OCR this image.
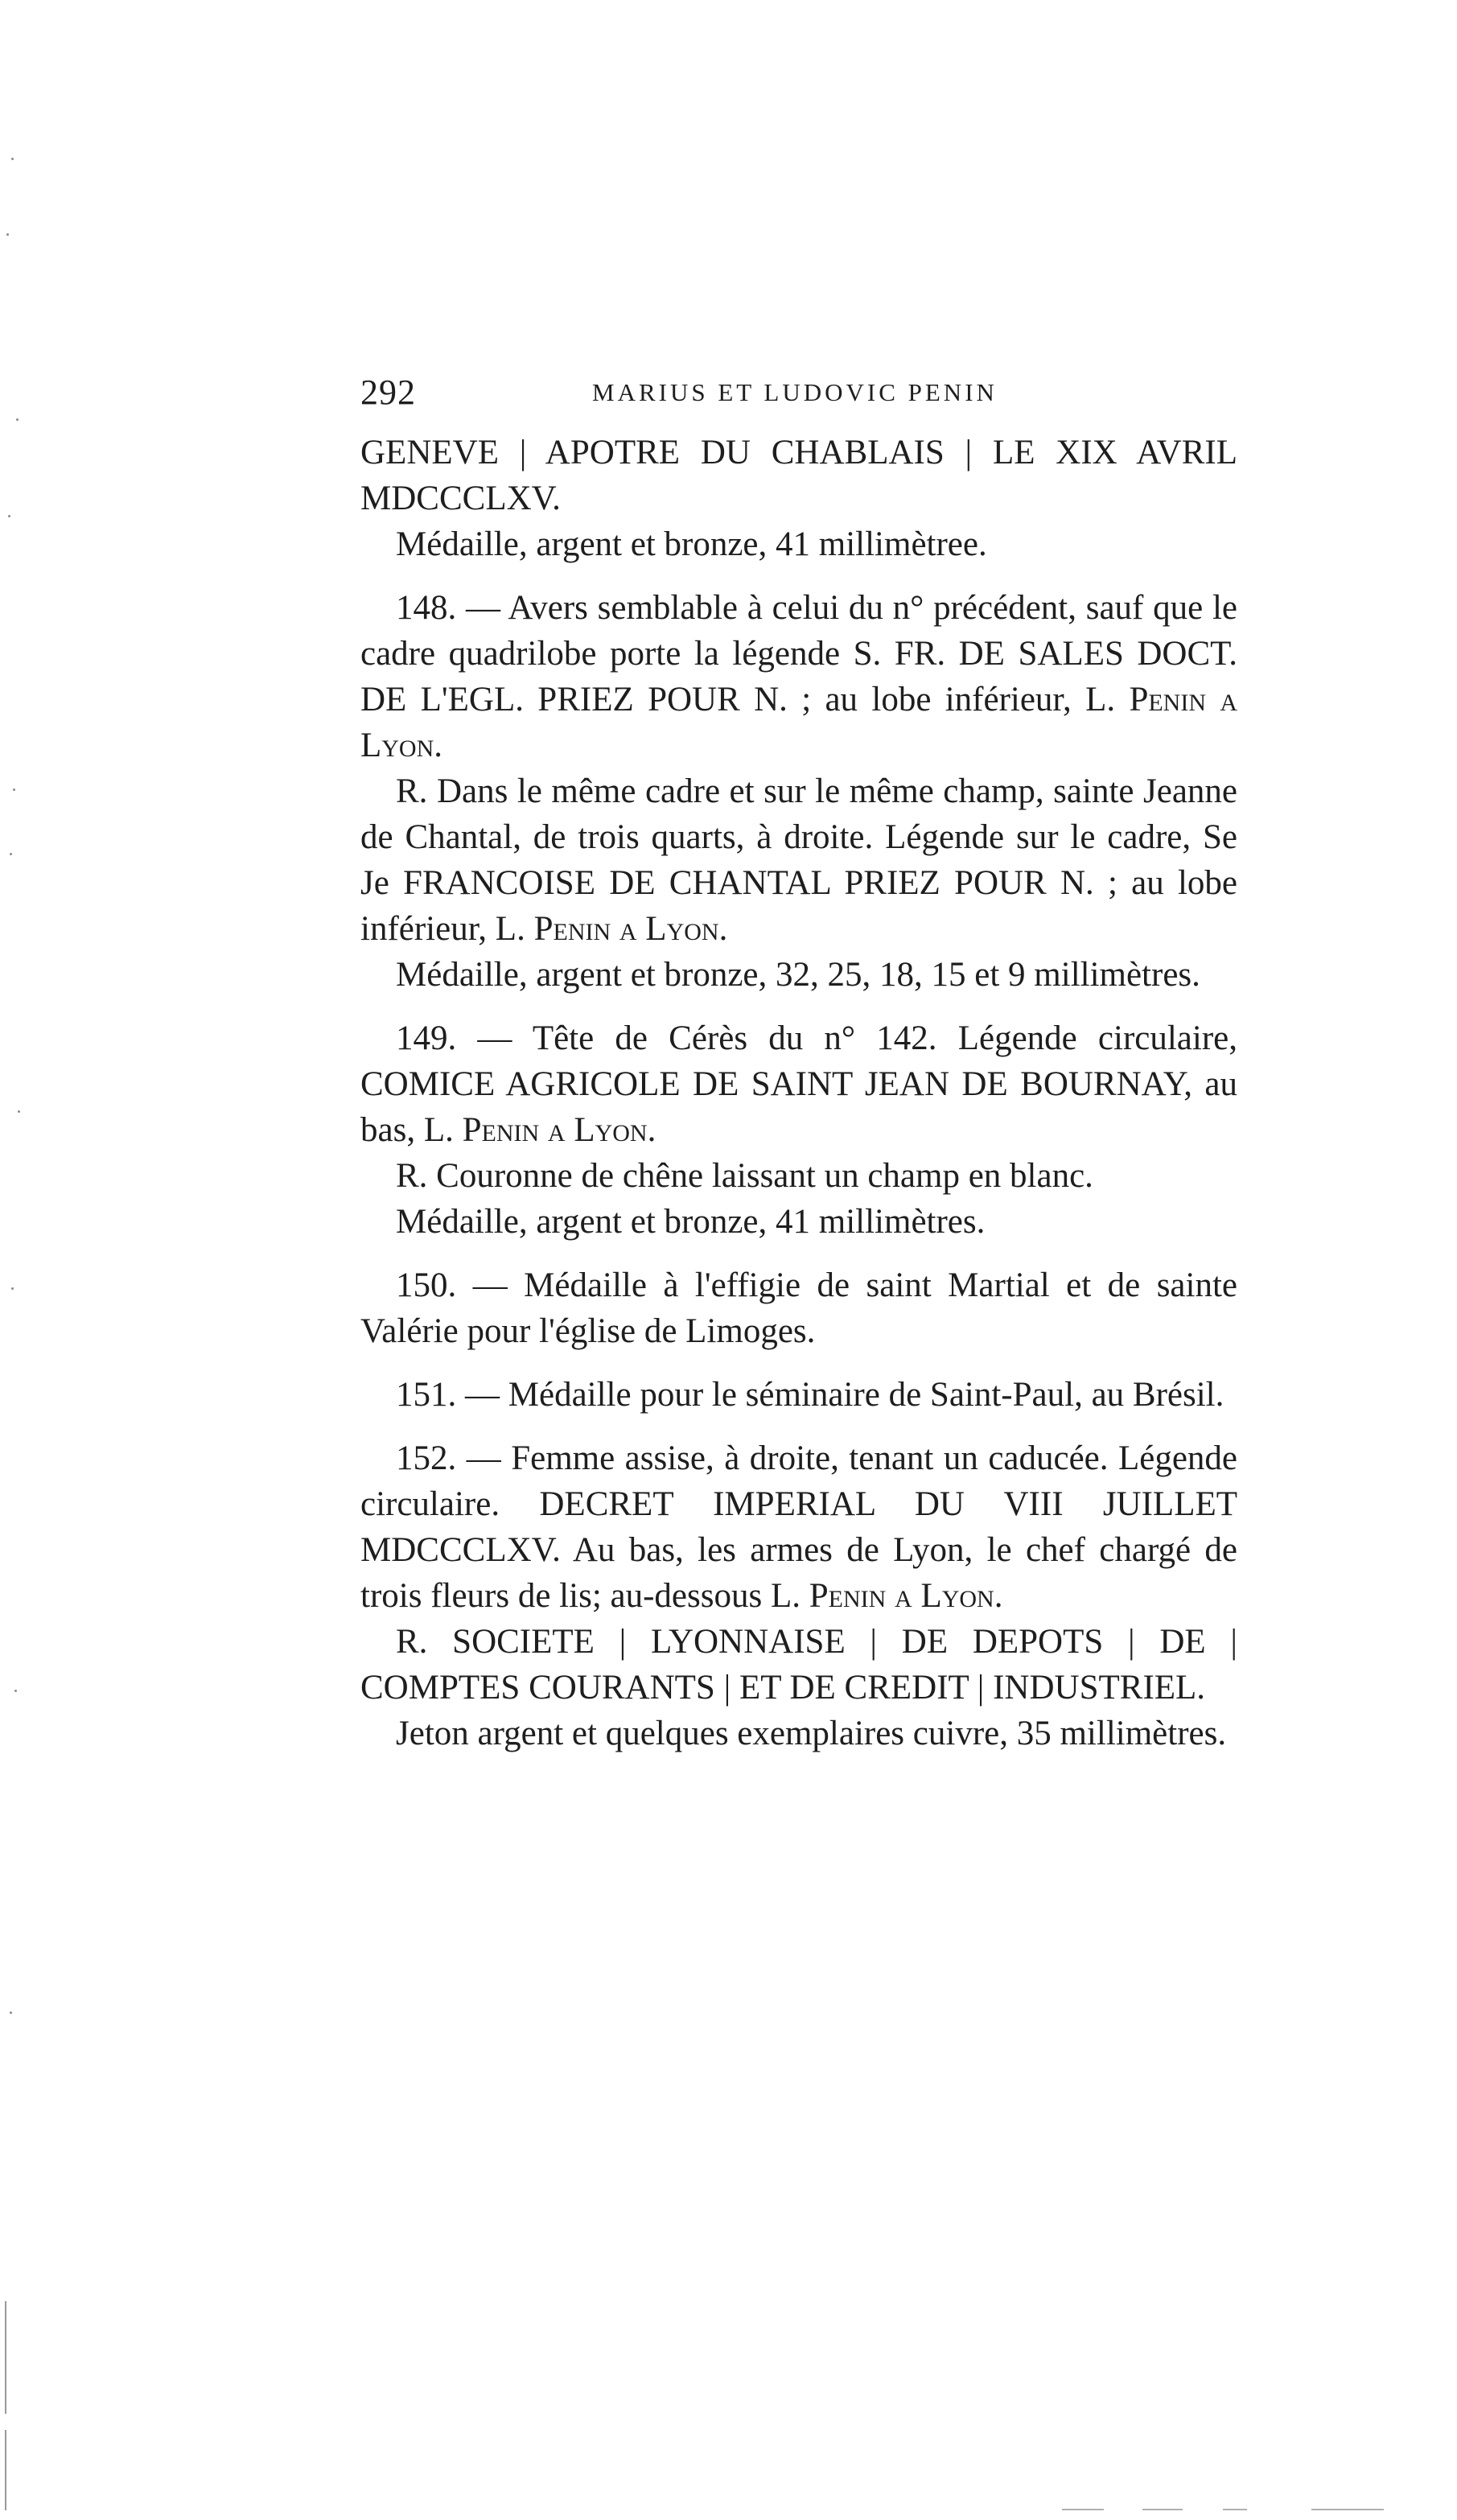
292	MARIUS ET LUDOVIC PENIN

GENEVE | APOTRE DU CHABLAIS | LE XIX AVRIL MDCCCLXV.

Médaille, argent et bronze, 41 millimètree.

148. — Avers semblable à celui du n° précédent, sauf que le cadre quadrilobe porte la légende S. FR. DE SALES DOCT. DE L'EGL. PRIEZ POUR N. ; au lobe inférieur, L. Penin a Lyon.

R. Dans le même cadre et sur le même champ, sainte Jeanne de Chantal, de trois quarts, à droite. Légende sur le cadre, Se Je FRANCOISE DE CHANTAL PRIEZ POUR N. ; au lobe inférieur, L. Penin a Lyon.

Médaille, argent et bronze, 32, 25, 18, 15 et 9 millimètres.

149. — Tête de Cérès du n° 142. Légende circulaire, COMICE AGRICOLE DE SAINT JEAN DE BOURNAY, au bas, L. Penin a Lyon.

R. Couronne de chêne laissant un champ en blanc.

Médaille, argent et bronze, 41 millimètres.

150. — Médaille à l'effigie de saint Martial et de sainte Valérie pour l'église de Limoges.

151. — Médaille pour le séminaire de Saint-Paul, au Brésil.

152. — Femme assise, à droite, tenant un caducée. Légende circulaire. DECRET IMPERIAL DU VIII JUILLET MDCCCLXV. Au bas, les armes de Lyon, le chef chargé de trois fleurs de lis; au-dessous L. Penin a Lyon.

R. SOCIETE | LYONNAISE | DE DEPOTS | DE | COMPTES COURANTS | ET DE CREDIT | INDUSTRIEL.

Jeton argent et quelques exemplaires cuivre, 35 millimètres.
